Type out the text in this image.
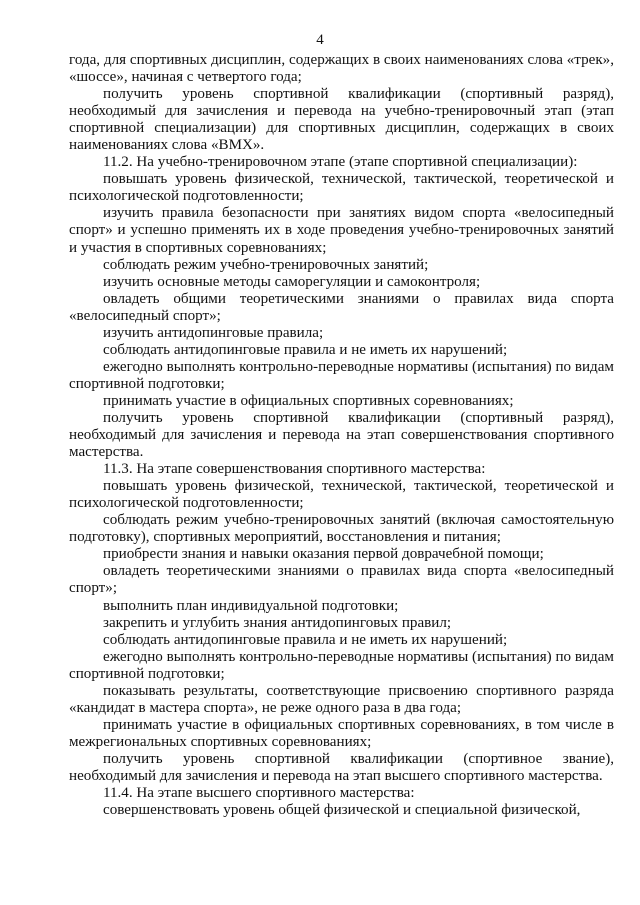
4

года, для спортивных дисциплин, содержащих в своих наименованиях слова «трек», «шоссе», начиная с четвертого года;

получить уровень спортивной квалификации (спортивный разряд), необходимый для зачисления и перевода на учебно-тренировочный этап (этап спортивной специализации) для спортивных дисциплин, содержащих в своих наименованиях слова «BMX».

11.2. На учебно-тренировочном этапе (этапе спортивной специализации):

повышать уровень физической, технической, тактической, теоретической и психологической подготовленности;

изучить правила безопасности при занятиях видом спорта «велосипедный спорт» и успешно применять их в ходе проведения учебно-тренировочных занятий и участия в спортивных соревнованиях;

соблюдать режим учебно-тренировочных занятий;

изучить основные методы саморегуляции и самоконтроля;

овладеть общими теоретическими знаниями о правилах вида спорта «велосипедный спорт»;

изучить антидопинговые правила;

соблюдать антидопинговые правила и не иметь их нарушений;

ежегодно выполнять контрольно-переводные нормативы (испытания) по видам спортивной подготовки;

принимать участие в официальных спортивных соревнованиях;

получить уровень спортивной квалификации (спортивный разряд), необходимый для зачисления и перевода на этап совершенствования спортивного мастерства.

11.3. На этапе совершенствования спортивного мастерства:

повышать уровень физической, технической, тактической, теоретической и психологической подготовленности;

соблюдать режим учебно-тренировочных занятий (включая самостоятельную подготовку), спортивных мероприятий, восстановления и питания;

приобрести знания и навыки оказания первой доврачебной помощи;

овладеть теоретическими знаниями о правилах вида спорта «велосипедный спорт»;

выполнить план индивидуальной подготовки;

закрепить и углубить знания антидопинговых правил;

соблюдать антидопинговые правила и не иметь их нарушений;

ежегодно выполнять контрольно-переводные нормативы (испытания) по видам спортивной подготовки;

показывать результаты, соответствующие присвоению спортивного разряда «кандидат в мастера спорта», не реже одного раза в два года;

принимать участие в официальных спортивных соревнованиях, в том числе в межрегиональных спортивных соревнованиях;

получить уровень спортивной квалификации (спортивное звание), необходимый для зачисления и перевода на этап высшего спортивного мастерства.

11.4. На этапе высшего спортивного мастерства:

совершенствовать уровень общей физической и специальной физической,
